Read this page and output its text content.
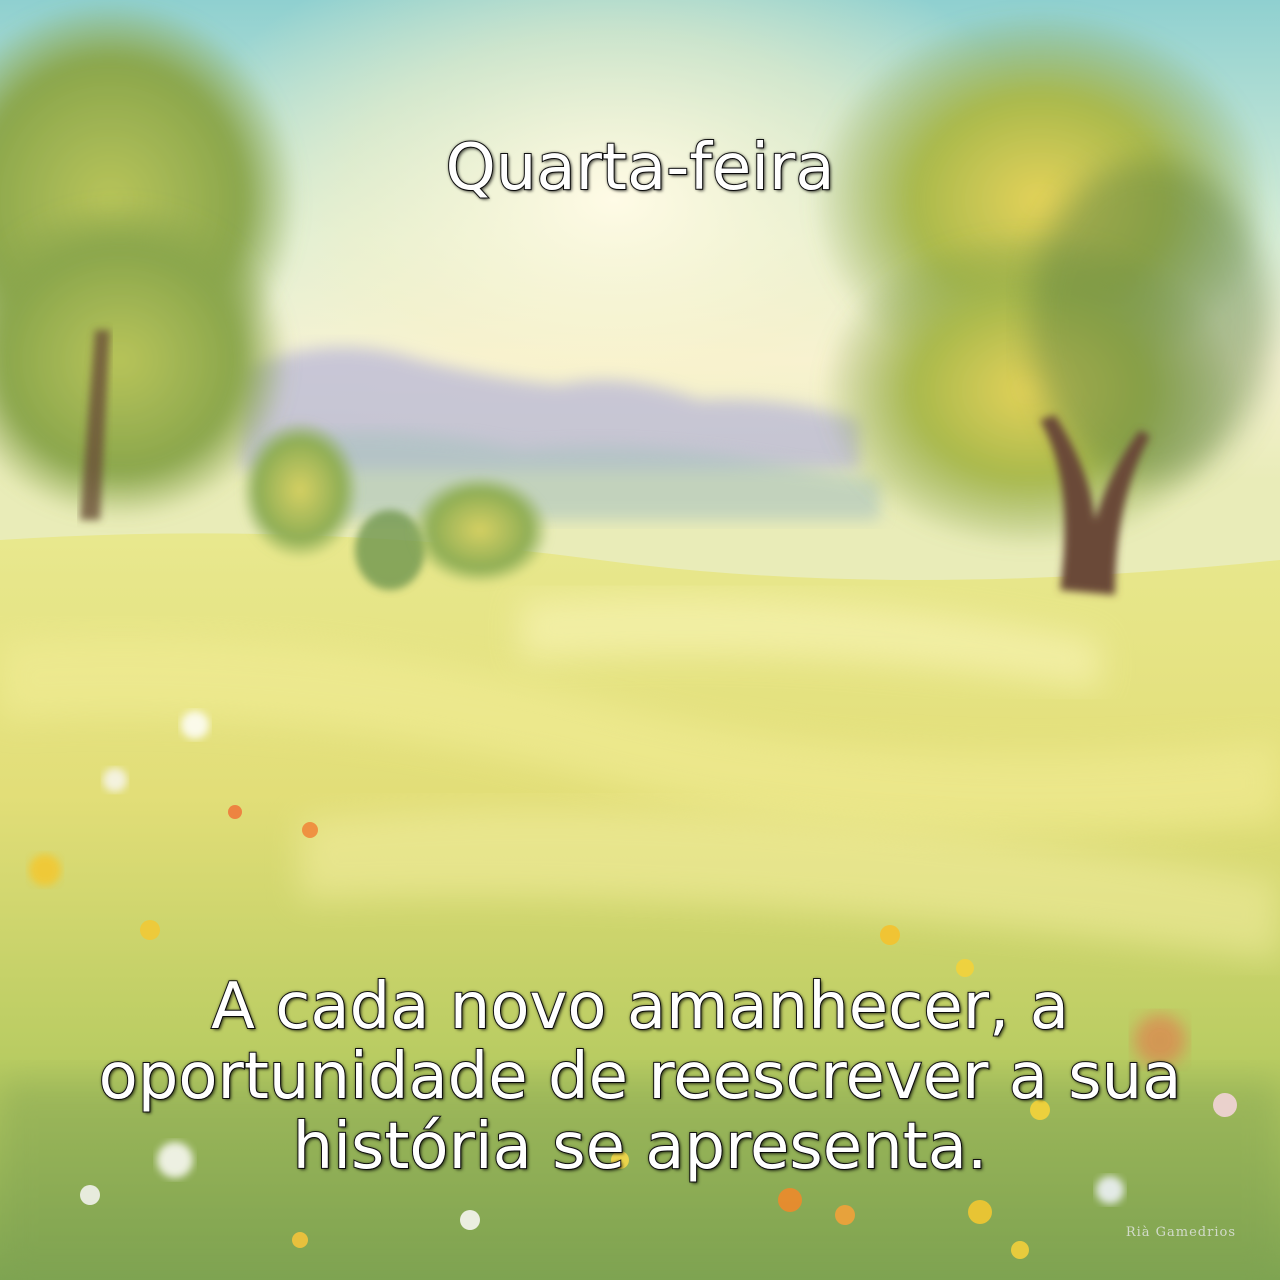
Quarta-feira
A cada novo amanhecer, a
oportunidade de reescrever a sua
história se apresenta.
Rià Gamedrios
